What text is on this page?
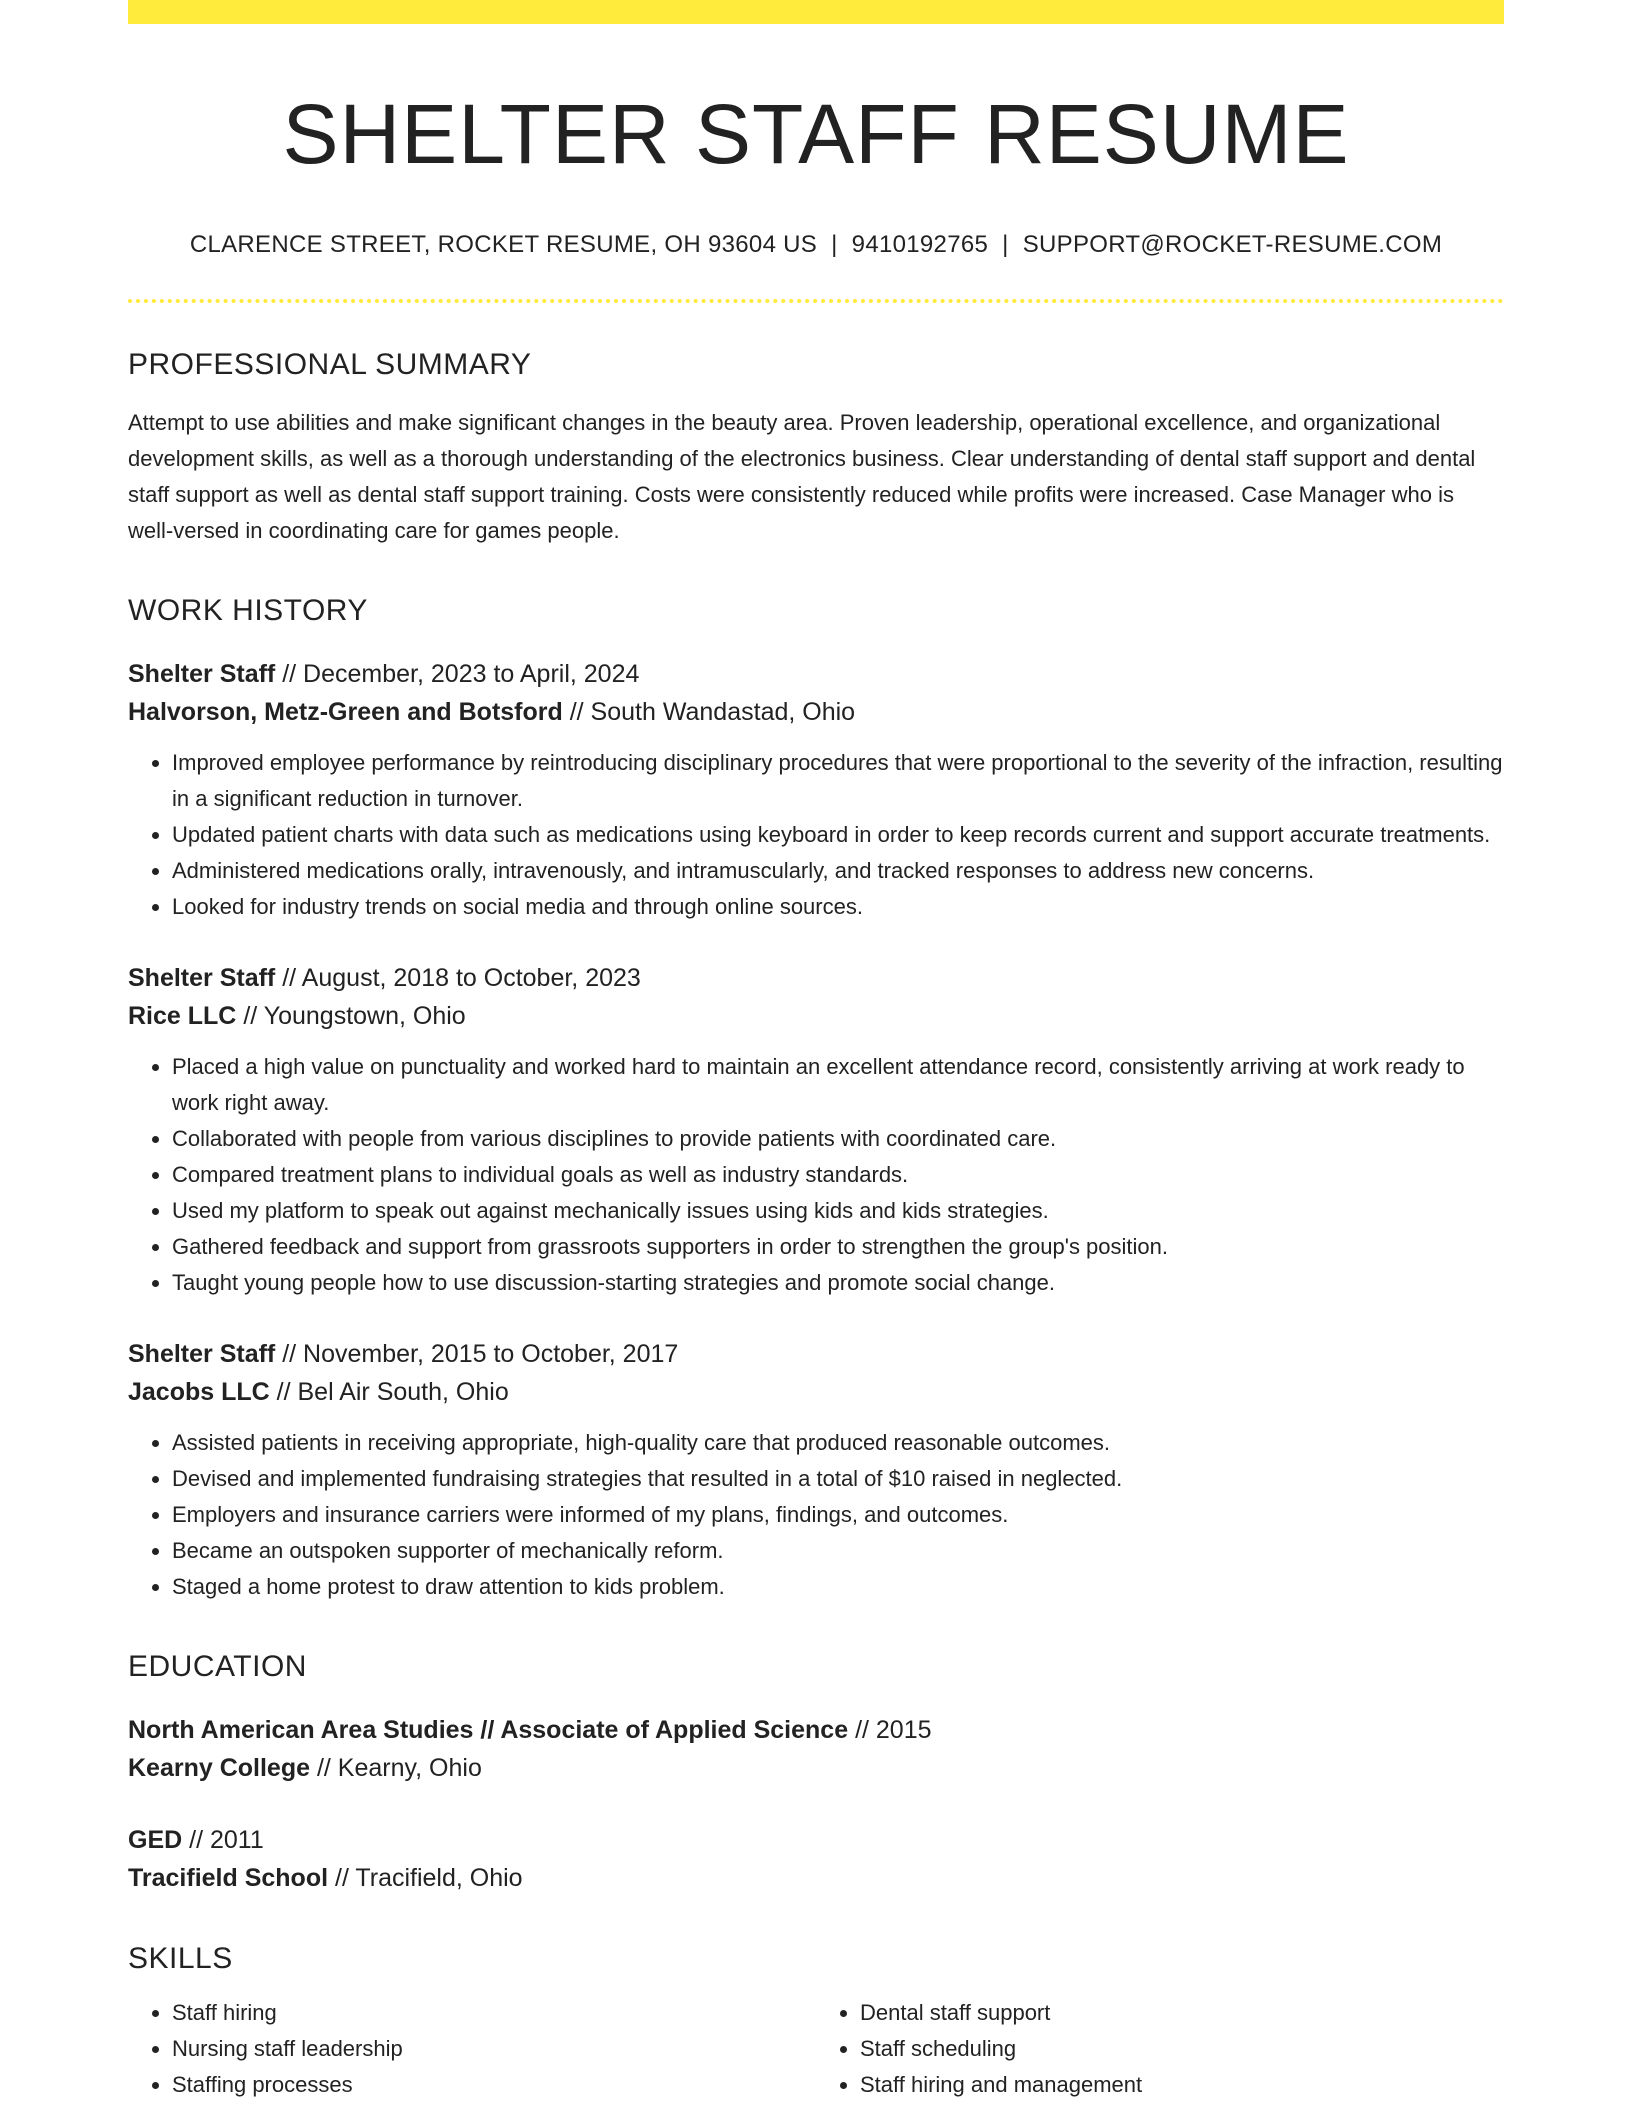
SHELTER STAFF RESUME
CLARENCE STREET, ROCKET RESUME, OH 93604 US | 9410192765 | SUPPORT@ROCKET-RESUME.COM
PROFESSIONAL SUMMARY

Attempt to use abilities and make significant changes in the beauty area. Proven leadership, operational excellence, and organizational development skills, as well as a thorough understanding of the electronics business. Clear understanding of dental staff support and dental staff support as well as dental staff support training. Costs were consistently reduced while profits were increased. Case Manager who is well-versed in coordinating care for games people.

WORK HISTORY
Shelter Staff // December, 2023 to April, 2024
Halvorson, Metz-Green and Botsford // South Wandastad, Ohio
• Improved employee performance by reintroducing disciplinary procedures that were proportional to the severity of the infraction, resulting in a significant reduction in turnover.
• Updated patient charts with data such as medications using keyboard in order to keep records current and support accurate treatments.
• Administered medications orally, intravenously, and intramuscularly, and tracked responses to address new concerns.
• Looked for industry trends on social media and through online sources.
Shelter Staff // August, 2018 to October, 2023
Rice LLC // Youngstown, Ohio
• Placed a high value on punctuality and worked hard to maintain an excellent attendance record, consistently arriving at work ready to work right away.
• Collaborated with people from various disciplines to provide patients with coordinated care.
• Compared treatment plans to individual goals as well as industry standards.
• Used my platform to speak out against mechanically issues using kids and kids strategies.
• Gathered feedback and support from grassroots supporters in order to strengthen the group's position.
• Taught young people how to use discussion-starting strategies and promote social change.
Shelter Staff // November, 2015 to October, 2017
Jacobs LLC // Bel Air South, Ohio
• Assisted patients in receiving appropriate, high-quality care that produced reasonable outcomes.
• Devised and implemented fundraising strategies that resulted in a total of $10 raised in neglected.
• Employers and insurance carriers were informed of my plans, findings, and outcomes.
• Became an outspoken supporter of mechanically reform.
• Staged a home protest to draw attention to kids problem.
EDUCATION
North American Area Studies // Associate of Applied Science // 2015
Kearny College // Kearny, Ohio
GED // 2011
Tracifield School // Tracifield, Ohio
SKILLS
• Staff hiring
• Nursing staff leadership
• Staffing processes
• Dental staff support
• Staff scheduling
• Staff hiring and management
